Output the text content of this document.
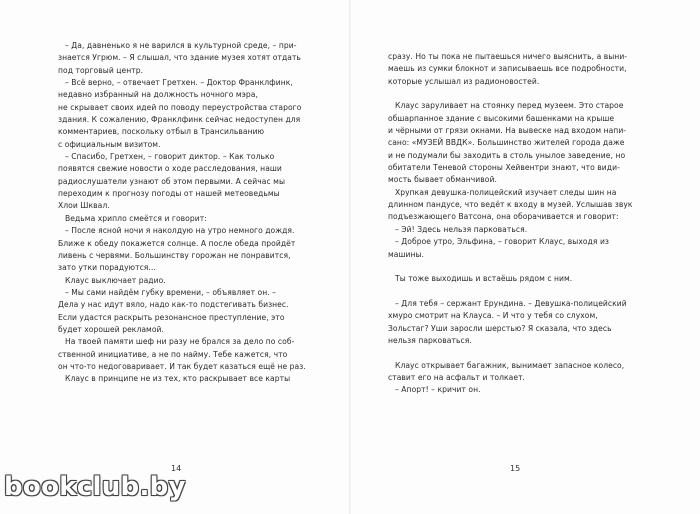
– Да, давненько я не варился в культурной среде, – при-
знается Угрюм. – Я слышал, что здание музея хотят отдать
под торговый центр.
– Всё верно, – отвечает Гретхен. – Доктор Франклфинк,
недавно избранный на должность ночного мэра,
не скрывает своих идей по поводу переустройства старого
здания. К сожалению, Франклфинк сейчас недоступен для
комментариев, поскольку отбыл в Трансильванию
с официальным визитом.
– Спасибо, Гретхен, – говорит диктор. – Как только
появятся свежие новости о ходе расследования, наши
радиослушатели узнают об этом первыми. А сейчас мы
переходим к прогнозу погоды от нашей метеоведьмы
Хлои Шквал.
Ведьма хрипло смеётся и говорит:
– После ясной ночи я наколдую на утро немного дождя.
Ближе к обеду покажется солнце. А после обеда пройдёт
ливень с червями. Большинству горожан не понравится,
зато утки порадуются…
Клаус выключает радио.
– Мы сами найдём губку времени, – объявляет он. –
Дела у нас идут вяло, надо как-то подстегивать бизнес.
Если удастся раскрыть резонансное преступление, это
будет хорошей рекламой.
На твоей памяти шеф ни разу не брался за дело по соб-
ственной инициативе, а не по найму. Тебе кажется, что
он что-то недоговаривает. И так будет казаться ещё не раз.
Клаус в принципе не из тех, кто раскрывает все карты
14
сразу. Но ты пока не пытаешься ничего выяснить, а выни-
маешь из сумки блокнот и записываешь все подробности,
которые услышал из радионовостей.
Клаус заруливает на стоянку перед музеем. Это старое
обшарпанное здание с высокими башенками на крыше
и чёрными от грязи окнами. На вывеске над входом напи-
сано: «МУЗЕЙ ВВДК». Большинство жителей города даже
и не подумали бы заходить в столь унылое заведение, но
обитатели Теневой стороны Хейвентри знают, что види-
мость бывает обманчивой.
Хрупкая девушка-полицейский изучает следы шин на
длинном пандусе, что ведёт к входу в музей. Услышав звук
подъезжающего Ватсона, она оборачивается и говорит:
– Эй! Здесь нельзя парковаться.
– Доброе утро, Эльфина, – говорит Клаус, выходя из
машины.
Ты тоже выходишь и встаёшь рядом с ним.
– Для тебя – сержант Ерундина. – Девушка-полицейский
хмуро смотрит на Клауса. – И что у тебя со слухом,
Зольстаг? Уши заросли шерстью? Я сказала, что здесь
нельзя парковаться.
Клаус открывает багажник, вынимает запасное колесо,
ставит его на асфальт и толкает.
– Апорт! – кричит он.
15
bookclub.by
